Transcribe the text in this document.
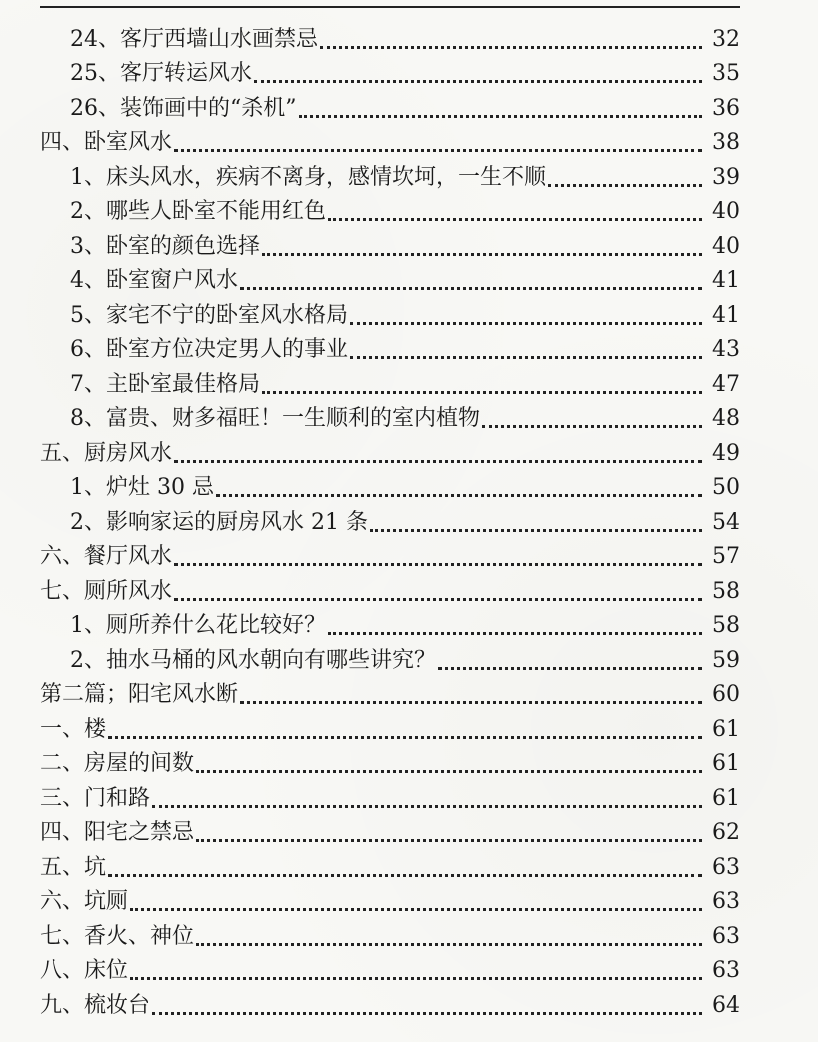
24、客厅西墙山水画禁忌	32
25、客厅转运风水	35
26、装饰画中的“杀机”	36
四、卧室风水	38
1、床头风水，疾病不离身，感情坎坷，一生不顺	39
2、哪些人卧室不能用红色	40
3、卧室的颜色选择	40
4、卧室窗户风水	41
5、家宅不宁的卧室风水格局	41
6、卧室方位决定男人的事业	43
7、主卧室最佳格局	47
8、富贵、财多福旺！一生顺利的室内植物	48
五、厨房风水	49
1、炉灶 30 忌	50
2、影响家运的厨房风水 21 条	54
六、餐厅风水	57
七、厕所风水	58
1、厕所养什么花比较好？	58
2、抽水马桶的风水朝向有哪些讲究？	59
第二篇；阳宅风水断	60
一、楼	61
二、房屋的间数	61
三、门和路	61
四、阳宅之禁忌	62
五、坑	63
六、坑厕	63
七、香火、神位	63
八、床位	63
九、梳妆台	64
